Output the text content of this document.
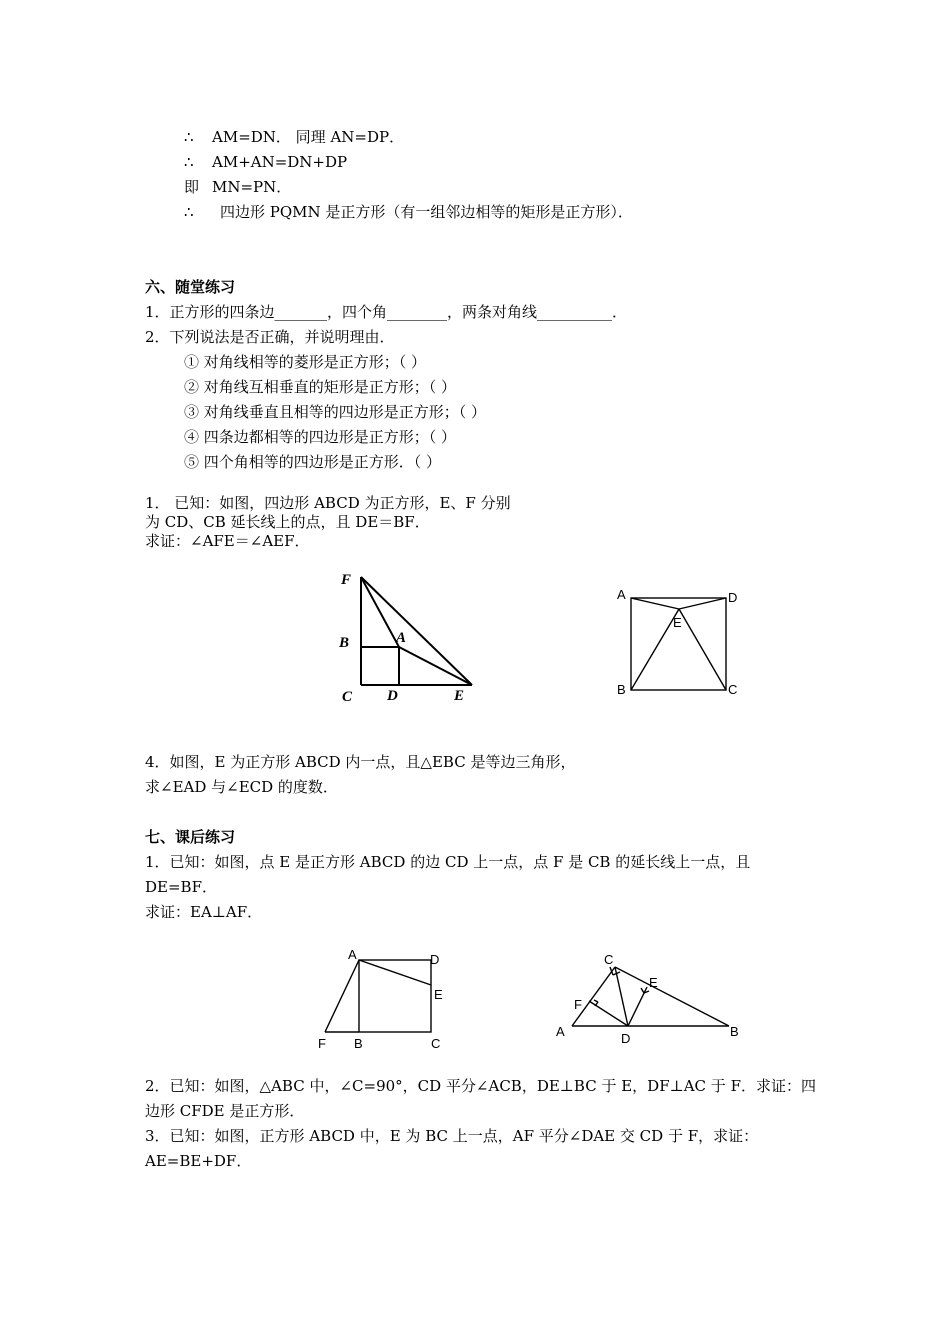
∴ AM=DN． 同理 AN=DP．
∴ AM+AN=DN+DP
即 MN=PN．
∴ 四边形 PQMN 是正方形（有一组邻边相等的矩形是正方形）．
六、随堂练习
1．正方形的四条边_______，四个角________，两条对角线__________．
2．下列说法是否正确，并说明理由．
① 对角线相等的菱形是正方形；（ ）
② 对角线互相垂直的矩形是正方形；（ ）
③ 对角线垂直且相等的四边形是正方形；（ ）
④ 四条边都相等的四边形是正方形；（ ）
⑤ 四个角相等的四边形是正方形．（ ）
1． 已知：如图，四边形 ABCD 为正方形，E、F 分别
为 CD、CB 延长线上的点，且 DE＝BF．
求证：∠AFE＝∠AEF．
F
B	A
C D	E
A	D
E
B	C
4．如图，E 为正方形 ABCD 内一点，且△EBC 是等边三角形，
求∠EAD 与∠ECD 的度数．
七、课后练习
1．已知：如图，点 E 是正方形 ABCD 的边 CD 上一点，点 F 是 CB 的延长线上一点，且
DE=BF．
求证：EA⊥AF．
A	D
E
F B	C
C
E
F
A	D	B
2．已知：如图，△ABC 中，∠C=90°，CD 平分∠ACB，DE⊥BC 于 E，DF⊥AC 于 F．求证：四
边形 CFDE 是正方形．
3．已知：如图，正方形 ABCD 中，E 为 BC 上一点，AF 平分∠DAE 交 CD 于 F，求证：
AE=BE+DF．
